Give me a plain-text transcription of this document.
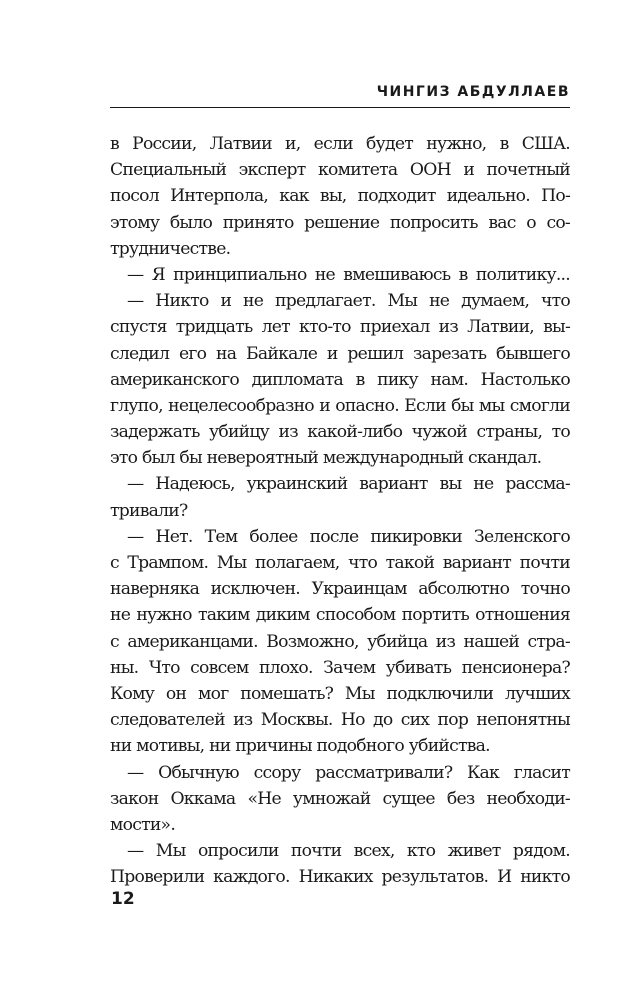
ЧИНГИЗ АБДУЛЛАЕВ
в России, Латвии и, если будет нужно, в США.
Специальный эксперт комитета ООН и почетный
посол Интерпола, как вы, подходит идеально. По-
этому было принято решение попросить вас о со-
трудничестве.
— Я принципиально не вмешиваюсь в политику...
— Никто и не предлагает. Мы не думаем, что
спустя тридцать лет кто-то приехал из Латвии, вы-
следил его на Байкале и решил зарезать бывшего
американского дипломата в пику нам. Настолько
глупо, нецелесообразно и опасно. Если бы мы смогли
задержать убийцу из какой-либо чужой страны, то
это был бы невероятный международный скандал.
— Надеюсь, украинский вариант вы не рассма-
тривали?
— Нет. Тем более после пикировки Зеленского
с Трампом. Мы полагаем, что такой вариант почти
наверняка исключен. Украинцам абсолютно точно
не нужно таким диким способом портить отношения
с американцами. Возможно, убийца из нашей стра-
ны. Что совсем плохо. Зачем убивать пенсионера?
Кому он мог помешать? Мы подключили лучших
следователей из Москвы. Но до сих пор непонятны
ни мотивы, ни причины подобного убийства.
— Обычную ссору рассматривали? Как гласит
закон Оккама «Не умножай сущее без необходи-
мости».
— Мы опросили почти всех, кто живет рядом.
Проверили каждого. Никаких результатов. И никто
12
